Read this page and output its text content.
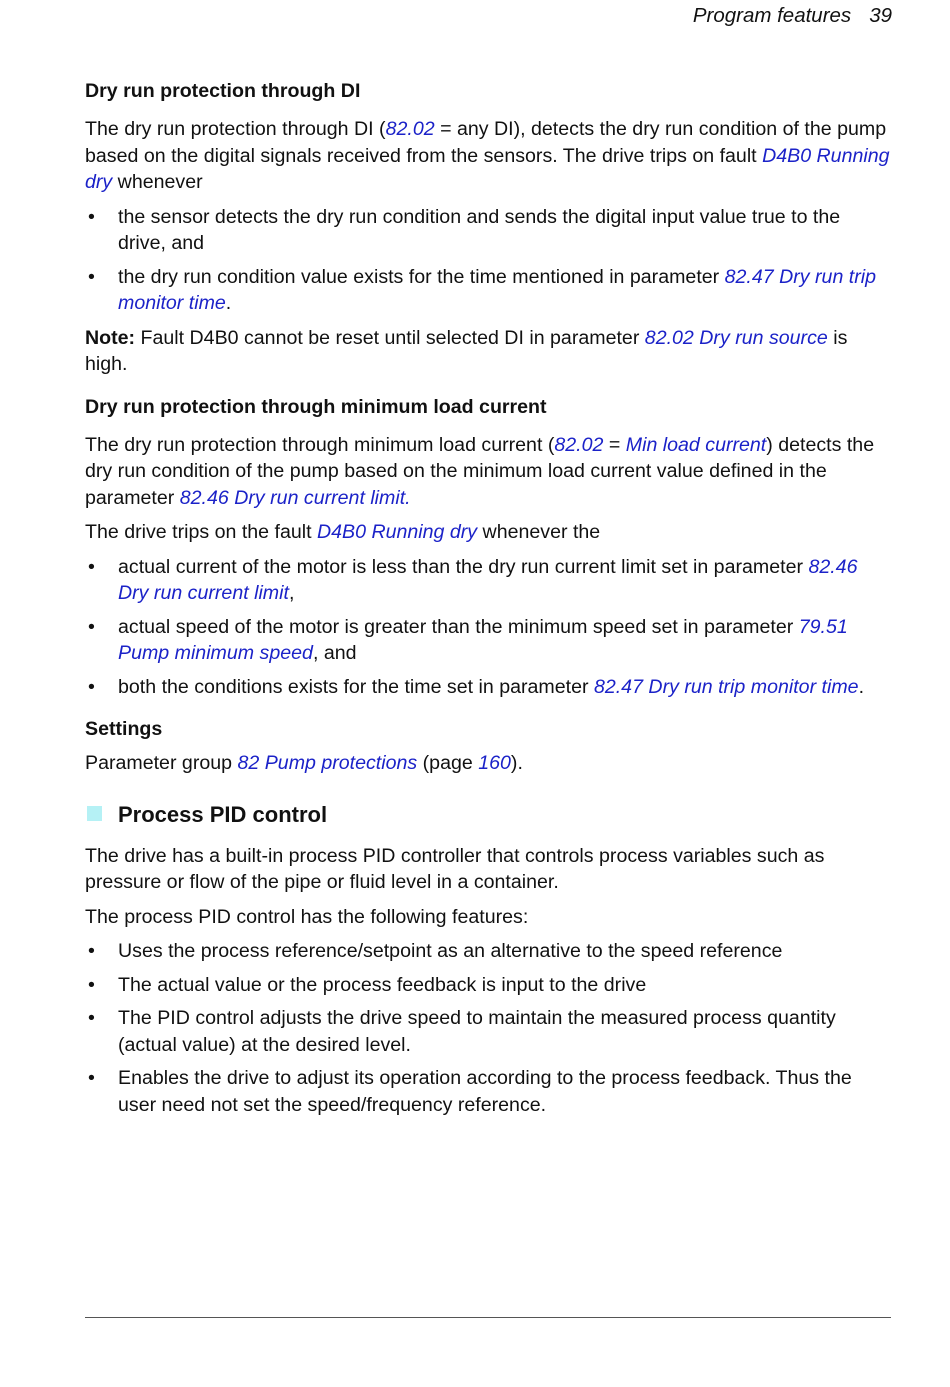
Program features 39
Dry run protection through DI

The dry run protection through DI (82.02 = any DI), detects the dry run condition of the pump based on the digital signals received from the sensors. The drive trips on fault D4B0 Running dry whenever

• the sensor detects the dry run condition and sends the digital input value true to the drive, and
• the dry run condition value exists for the time mentioned in parameter 82.47 Dry run trip monitor time.

Note: Fault D4B0 cannot be reset until selected DI in parameter 82.02 Dry run source is high.

Dry run protection through minimum load current

The dry run protection through minimum load current (82.02 = Min load current) detects the dry run condition of the pump based on the minimum load current value defined in the parameter 82.46 Dry run current limit.

The drive trips on the fault D4B0 Running dry whenever the

• actual current of the motor is less than the dry run current limit set in parameter 82.46 Dry run current limit,
• actual speed of the motor is greater than the minimum speed set in parameter 79.51 Pump minimum speed, and
• both the conditions exists for the time set in parameter 82.47 Dry run trip monitor time.
Settings

Parameter group 82 Pump protections (page 160).

Process PID control

The drive has a built-in process PID controller that controls process variables such as pressure or flow of the pipe or fluid level in a container.

The process PID control has the following features:

• Uses the process reference/setpoint as an alternative to the speed reference
• The actual value or the process feedback is input to the drive
• The PID control adjusts the drive speed to maintain the measured process quantity (actual value) at the desired level.
• Enables the drive to adjust its operation according to the process feedback. Thus the user need not set the speed/frequency reference.
